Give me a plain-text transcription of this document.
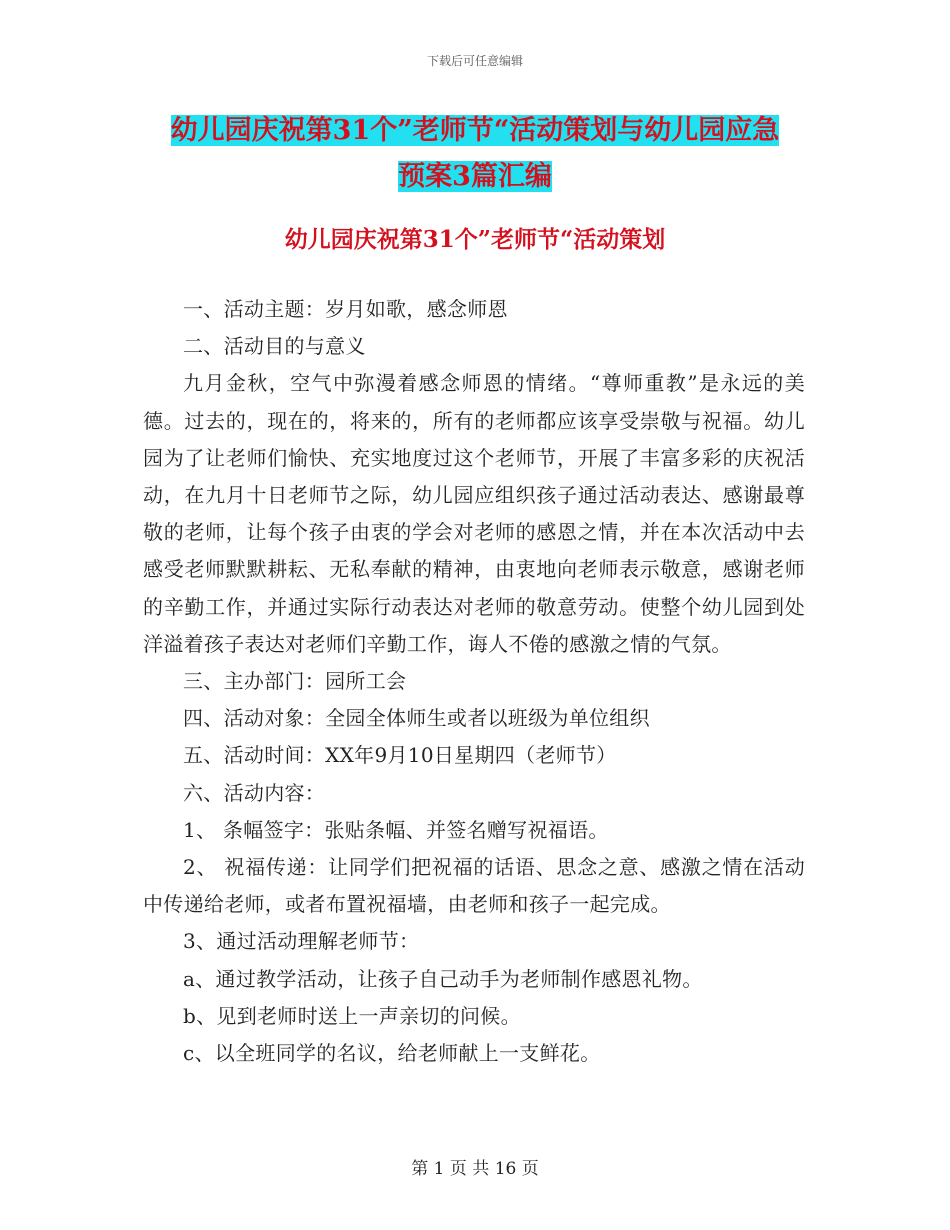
下载后可任意编辑
幼儿园庆祝第31个”老师节“活动策划与幼儿园应急
预案3篇汇编
幼儿园庆祝第31个”老师节“活动策划

一、活动主题：岁月如歌，感念师恩

二、活动目的与意义

九月金秋，空气中弥漫着感念师恩的情绪。“尊师重教”是永远的美德。过去的，现在的，将来的，所有的老师都应该享受崇敬与祝福。幼儿园为了让老师们愉快、充实地度过这个老师节，开展了丰富多彩的庆祝活动，在九月十日老师节之际，幼儿园应组织孩子通过活动表达、感谢最尊敬的老师，让每个孩子由衷的学会对老师的感恩之情，并在本次活动中去感受老师默默耕耘、无私奉献的精神，由衷地向老师表示敬意，感谢老师的辛勤工作，并通过实际行动表达对老师的敬意劳动。使整个幼儿园到处洋溢着孩子表达对老师们辛勤工作，诲人不倦的感激之情的气氛。

三、主办部门：园所工会

四、活动对象：全园全体师生或者以班级为单位组织

五、活动时间：XX年9月10日星期四（老师节）

六、活动内容：

1、 条幅签字：张贴条幅、并签名赠写祝福语。

2、 祝福传递：让同学们把祝福的话语、思念之意、感激之情在活动中传递给老师，或者布置祝福墙，由老师和孩子一起完成。

3、通过活动理解老师节：

a、通过教学活动，让孩子自己动手为老师制作感恩礼物。

b、见到老师时送上一声亲切的问候。

c、以全班同学的名议，给老师献上一支鲜花。

第 1 页 共 16 页
